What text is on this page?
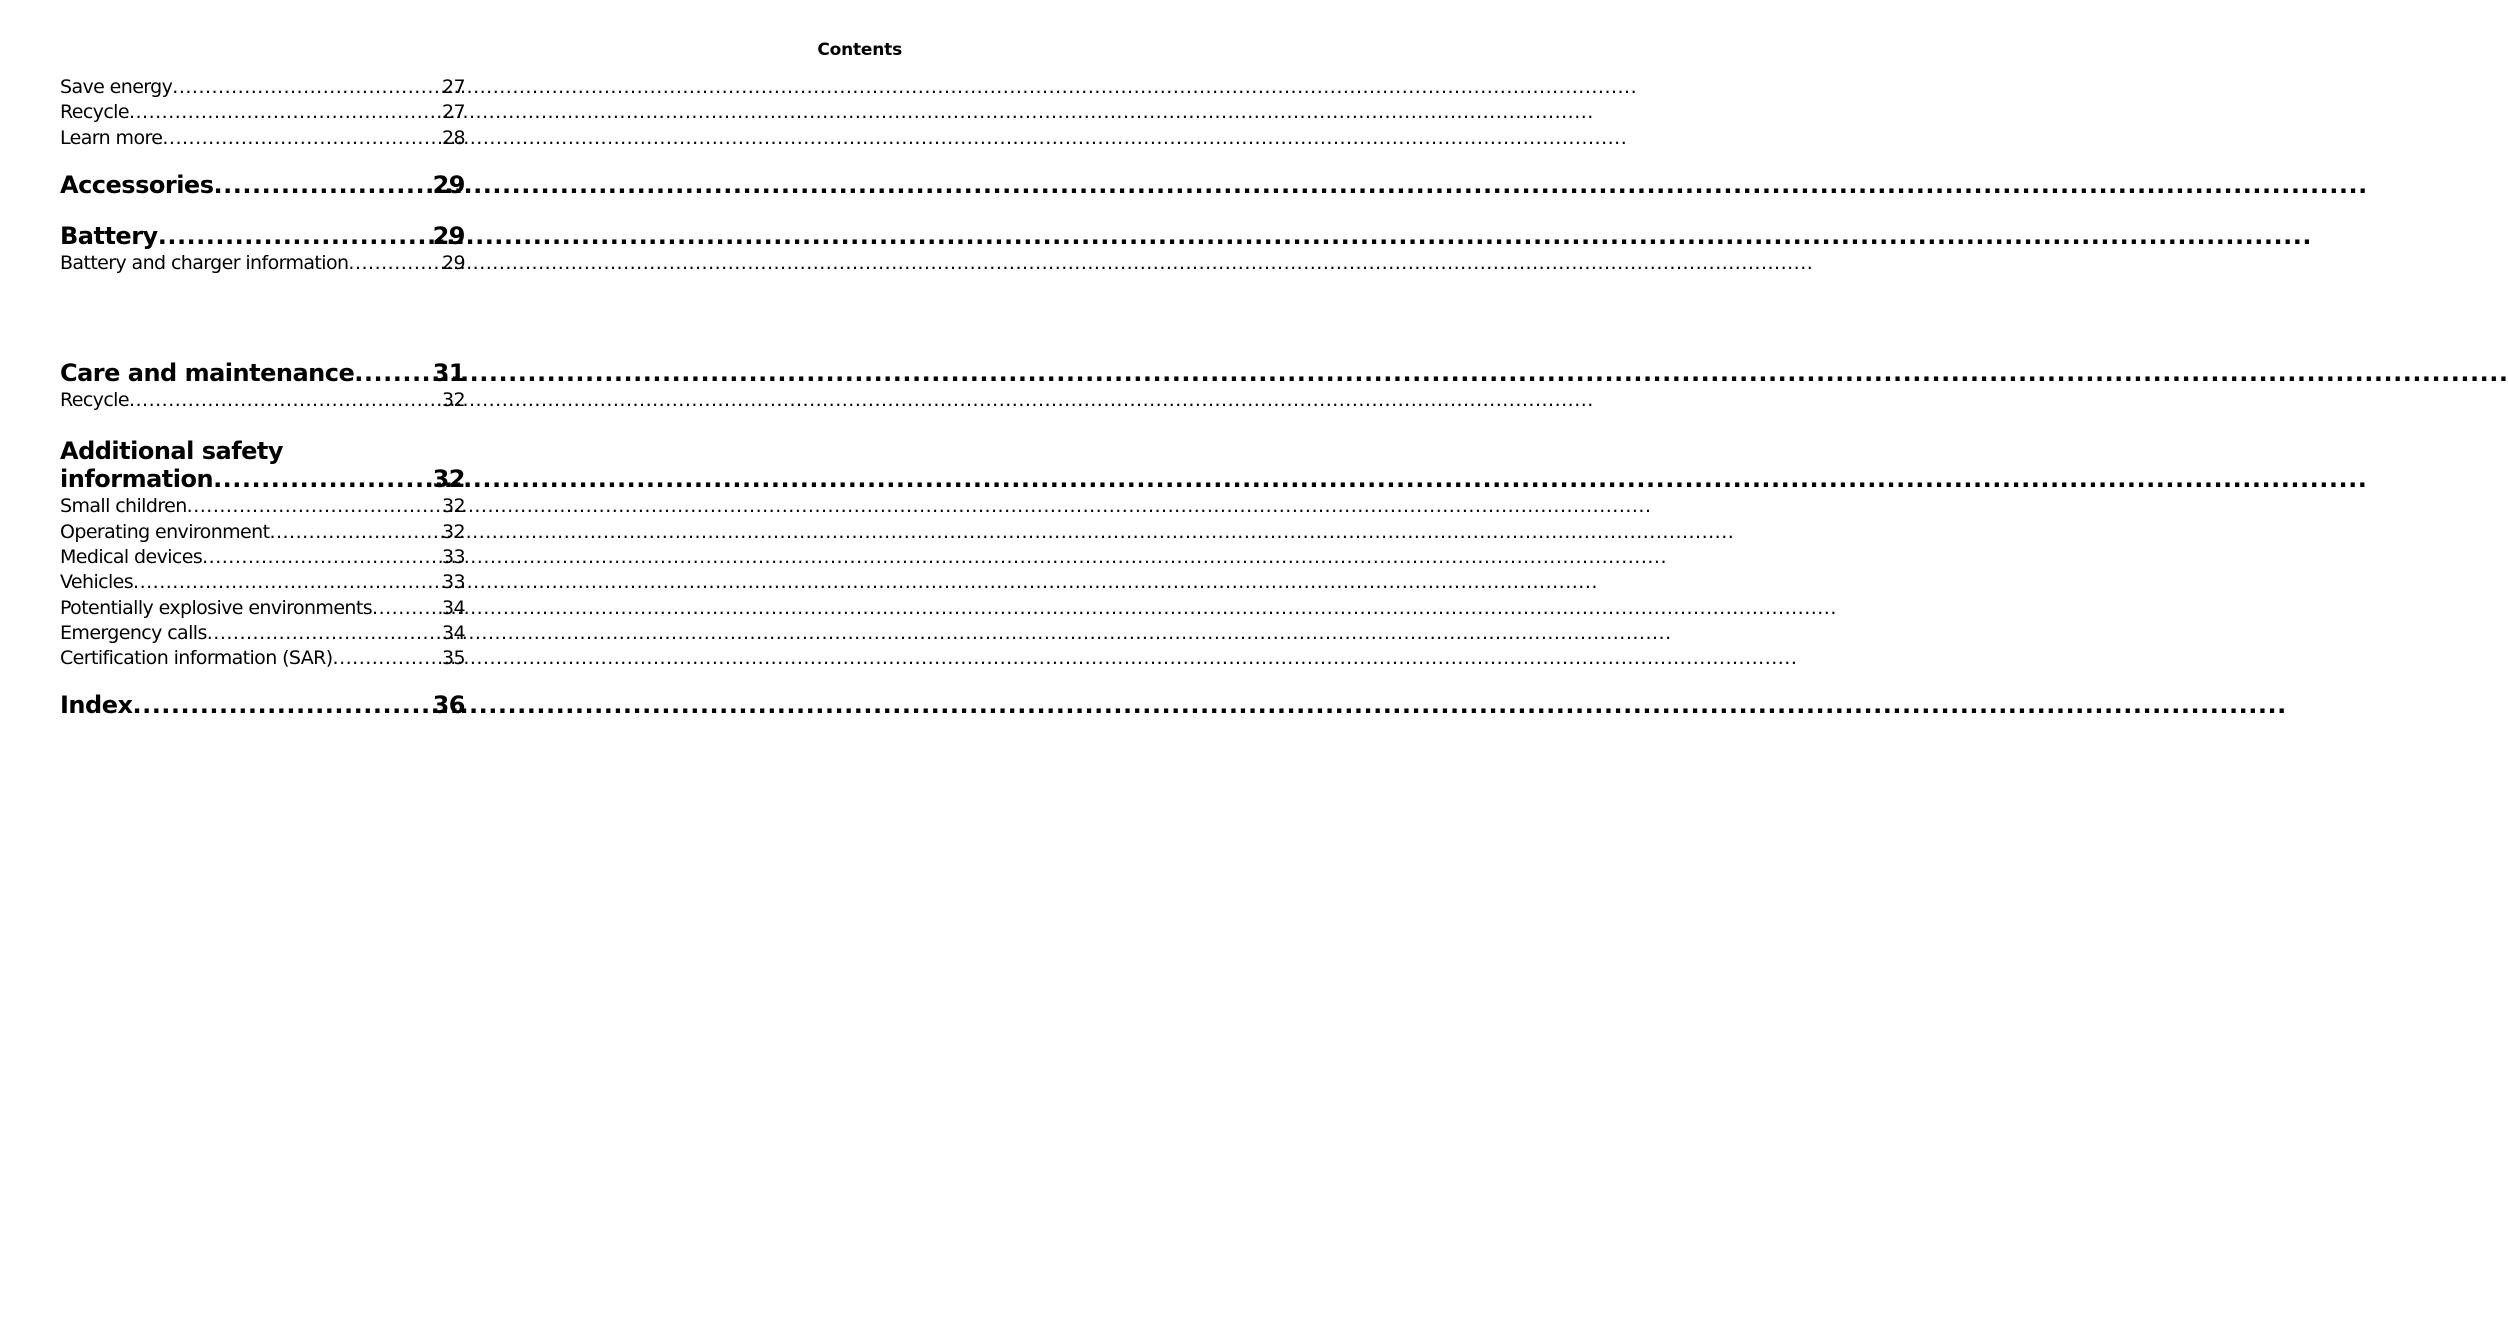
Contents
Save energy .....	27
Recycle .....	27
Learn more .....	28
Accessories .....	29
Battery .....	29
Battery and charger information .....	29
Care and maintenance .....	31
Recycle .....	32
Additional safety
information .....	32
Small children .....	32
Operating environment .....	32
Medical devices .....	33
Vehicles .....	33
Potentially explosive environments .....	34
Emergency calls .....	34
Certification information (SAR) .....	35
Index .....	36
